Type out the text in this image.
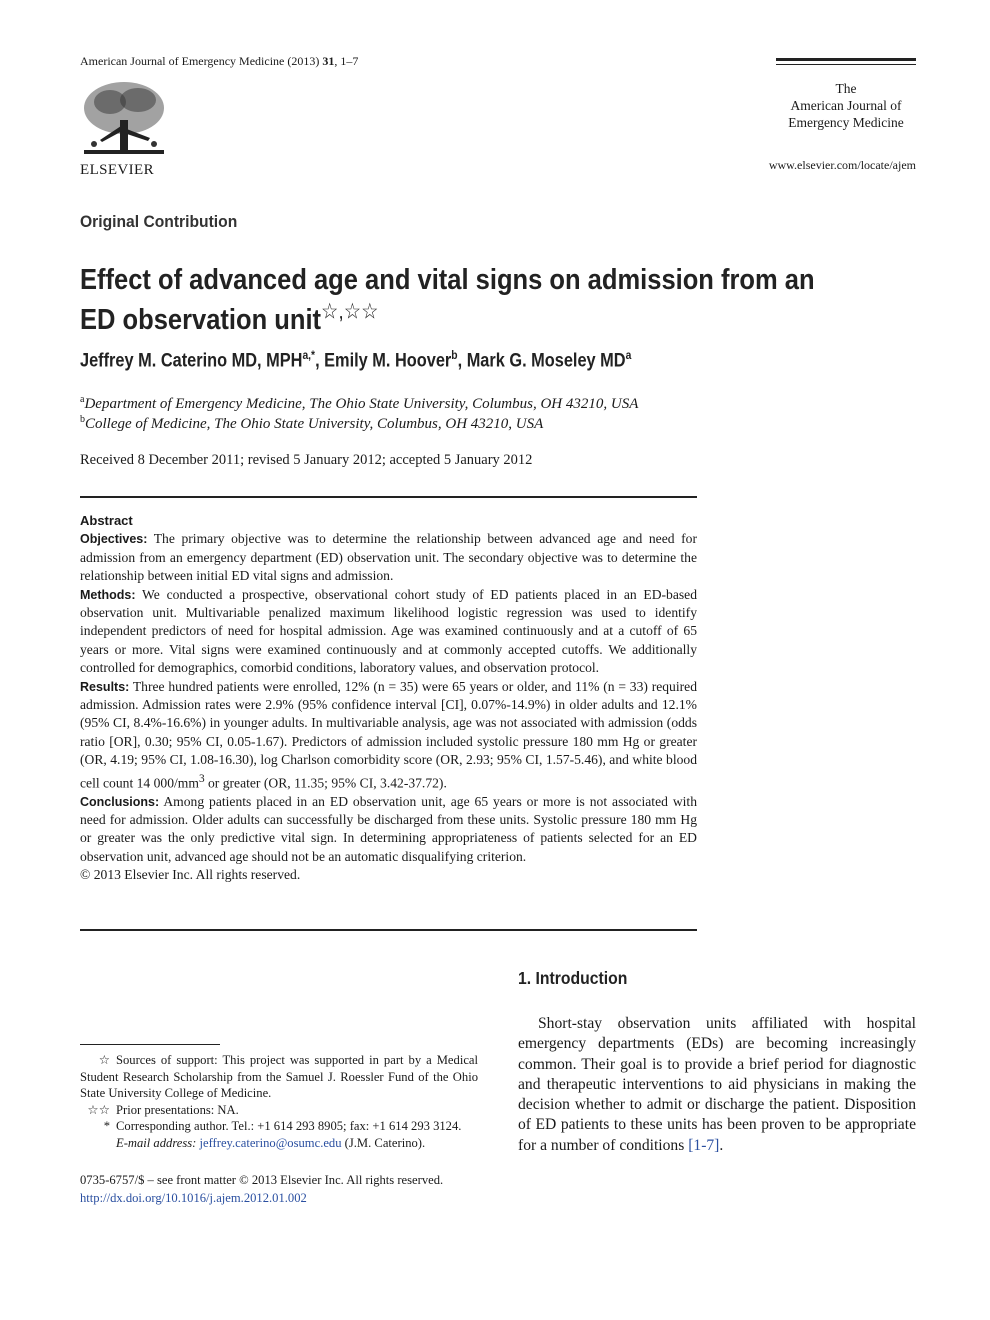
American Journal of Emergency Medicine (2013) 31, 1–7
ELSEVIER
The
American Journal of
Emergency Medicine
www.elsevier.com/locate/ajem
Original Contribution
Effect of advanced age and vital signs on admission from an
ED observation unit☆,☆☆
Jeffrey M. Caterino MD, $MPH^{a,*}$, Emily M. Hoover$^b$, Mark G. Moseley $MD^a$
$^a$Department of Emergency Medicine, The Ohio State University, Columbus, OH 43210, USA
$^b$College of Medicine, The Ohio State University, Columbus, OH 43210, USA
Received 8 December 2011; revised 5 January 2012; accepted 5 January 2012
Abstract

Objectives: The primary objective was to determine the relationship between advanced age and need for admission from an emergency department (ED) observation unit. The secondary objective was to determine the relationship between initial ED vital signs and admission.

Methods: We conducted a prospective, observational cohort study of ED patients placed in an ED-based observation unit. Multivariable penalized maximum likelihood logistic regression was used to identify independent predictors of need for hospital admission. Age was examined continuously and at a cutoff of 65 years or more. Vital signs were examined continuously and at commonly accepted cutoffs. We additionally controlled for demographics, comorbid conditions, laboratory values, and observation protocol.

Results: Three hundred patients were enrolled, 12% (n = 35) were 65 years or older, and 11% (n = 33) required admission. Admission rates were 2.9% (95% confidence interval [CI], 0.07%-14.9%) in older adults and 12.1% (95% CI, 8.4%-16.6%) in younger adults. In multivariable analysis, age was not associated with admission (odds ratio [OR], 0.30; 95% CI, 0.05-1.67). Predictors of admission included systolic pressure 180 mm Hg or greater (OR, 4.19; 95% CI, 1.08-16.30), log Charlson comorbidity score (OR, 2.93; 95% CI, 1.57-5.46), and white blood cell count 14 $000/mm^3$ or greater (OR, 11.35; 95% CI, 3.42-37.72).

Conclusions: Among patients placed in an ED observation unit, age 65 years or more is not associated with need for admission. Older adults can successfully be discharged from these units. Systolic pressure 180 mm Hg or greater was the only predictive vital sign. In determining appropriateness of patients selected for an ED observation unit, advanced age should not be an automatic disqualifying criterion.

© 2013 Elsevier Inc. All rights reserved.

1. Introduction
Short-stay observation units affiliated with hospital emergency departments (EDs) are becoming increasingly common. Their goal is to provide a brief period for diagnostic and therapeutic interventions to aid physicians in making the decision whether to admit or discharge the patient. Disposition of ED patients to these units has been proven to be appropriate for a number of conditions [1-7].

☆ Sources of support: This project was supported in part by a Medical Student Research Scholarship from the Samuel J. Roessler Fund of the Ohio State University College of Medicine.

☆☆ Prior presentations: NA.

* Corresponding author. Tel.: +1 614 293 8905; fax: +1 614 293 3124.

E-mail address: jeffrey.caterino@osumc.edu (J.M. Caterino).

0735-6757/$ – see front matter © 2013 Elsevier Inc. All rights reserved.
http://dx.doi.org/10.1016/j.ajem.2012.01.002
